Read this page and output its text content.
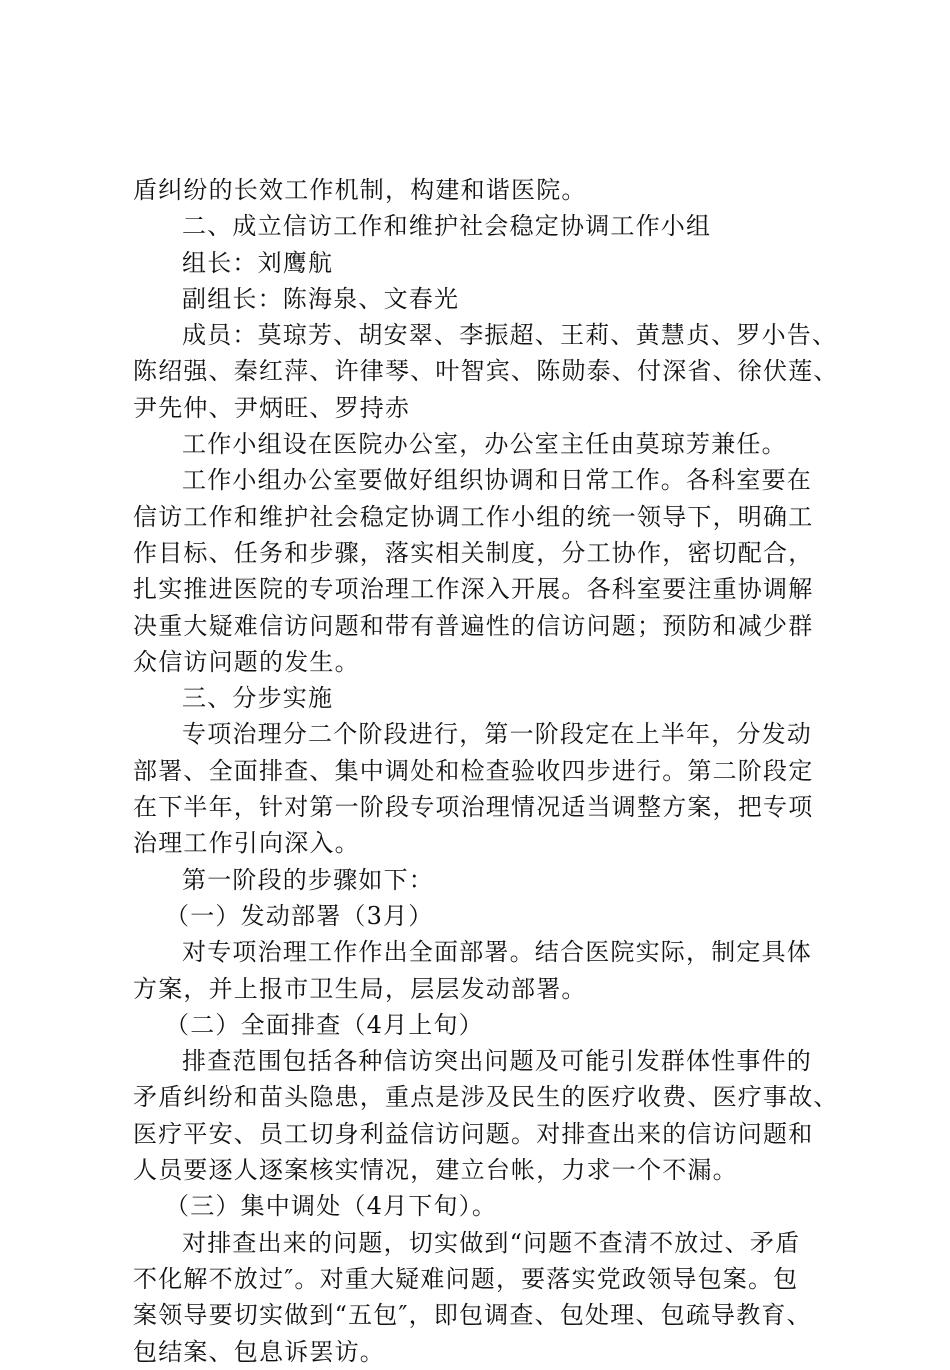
盾纠纷的长效工作机制，构建和谐医院。
二、成立信访工作和维护社会稳定协调工作小组
组长：刘鹰航
副组长：陈海泉、文春光
成员：莫琼芳、胡安翠、李振超、王莉、黄慧贞、罗小告、
陈绍强、秦红萍、许律琴、叶智宾、陈勋泰、付深省、徐伏莲、
尹先仲、尹炳旺、罗持赤
工作小组设在医院办公室，办公室主任由莫琼芳兼任。
工作小组办公室要做好组织协调和日常工作。各科室要在
信访工作和维护社会稳定协调工作小组的统一领导下，明确工
作目标、任务和步骤，落实相关制度，分工协作，密切配合，
扎实推进医院的专项治理工作深入开展。各科室要注重协调解
决重大疑难信访问题和带有普遍性的信访问题；预防和减少群
众信访问题的发生。
三、分步实施
专项治理分二个阶段进行，第一阶段定在上半年，分发动
部署、全面排查、集中调处和检查验收四步进行。第二阶段定
在下半年，针对第一阶段专项治理情况适当调整方案，把专项
治理工作引向深入。
第一阶段的步骤如下：
（一）发动部署（3月）
对专项治理工作作出全面部署。结合医院实际，制定具体
方案，并上报市卫生局，层层发动部署。
（二）全面排查（4月上旬）
排查范围包括各种信访突出问题及可能引发群体性事件的
矛盾纠纷和苗头隐患，重点是涉及民生的医疗收费、医疗事故、
医疗平安、员工切身利益信访问题。对排查出来的信访问题和
人员要逐人逐案核实情况，建立台帐，力求一个不漏。
（三）集中调处（4月下旬）。
对排查出来的问题，切实做到“问题不查清不放过、矛盾
不化解不放过″。对重大疑难问题，要落实党政领导包案。包
案领导要切实做到“五包″，即包调查、包处理、包疏导教育、
包结案、包息诉罢访。
